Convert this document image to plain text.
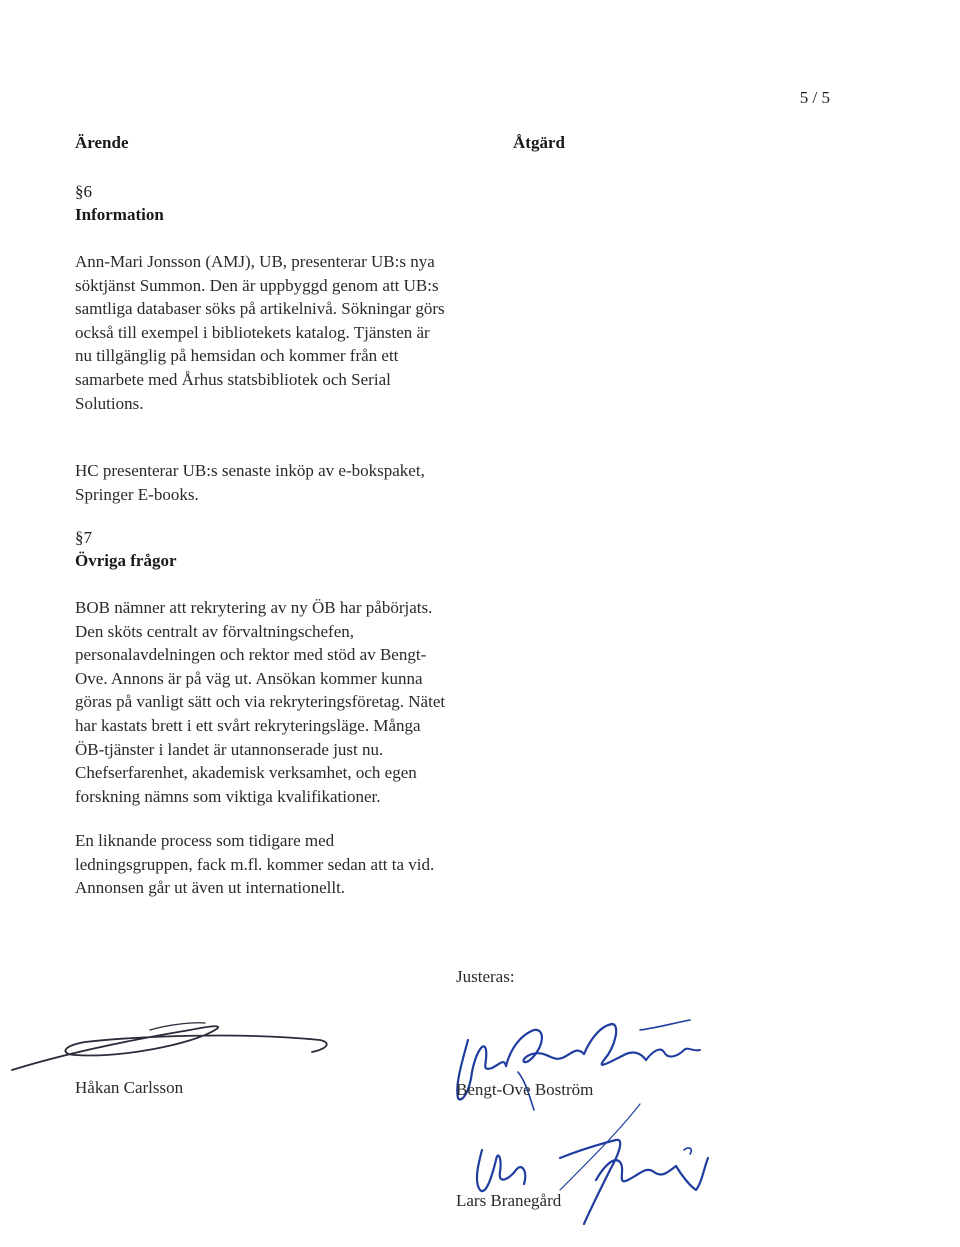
5 / 5
Ärende	Åtgärd
§6
Information
Ann-Mari Jonsson (AMJ), UB, presenterar UB:s nya
söktjänst Summon. Den är uppbyggd genom att UB:s
samtliga databaser söks på artikelnivå. Sökningar görs
också till exempel i bibliotekets katalog. Tjänsten är
nu tillgänglig på hemsidan och kommer från ett
samarbete med Århus statsbibliotek och Serial
Solutions.
HC presenterar UB:s senaste inköp av e-bokspaket,
Springer E-books.
§7
Övriga frågor
BOB nämner att rekrytering av ny ÖB har påbörjats.
Den sköts centralt av förvaltningschefen,
personalavdelningen och rektor med stöd av Bengt-
Ove. Annons är på väg ut. Ansökan kommer kunna
göras på vanligt sätt och via rekryteringsföretag. Nätet
har kastats brett i ett svårt rekryteringsläge. Många
ÖB-tjänster i landet är utannonserade just nu.
Chefserfarenhet, akademisk verksamhet, och egen
forskning nämns som viktiga kvalifikationer.
En liknande process som tidigare med
ledningsgruppen, fack m.fl. kommer sedan att ta vid.
Annonsen går ut även ut internationellt.
Justeras:
Håkan Carlsson	Bengt-Ove Boström
Lars Branegård
